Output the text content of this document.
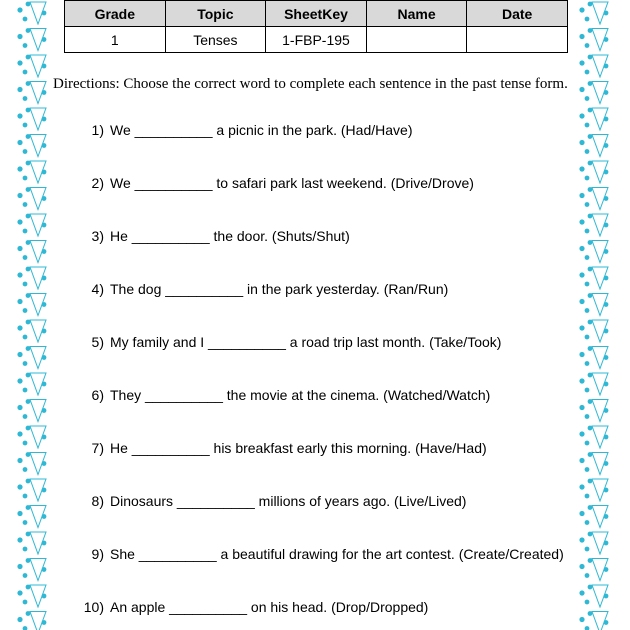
Grade	Topic	SheetKey	Name	Date
1	Tenses	1-FBP-195		
Directions: Choose the correct word to complete each sentence in the past tense form.
1) We __________ a picnic in the park. (Had/Have)
2) We __________ to safari park last weekend. (Drive/Drove)
3) He __________ the door. (Shuts/Shut)
4) The dog __________ in the park yesterday. (Ran/Run)
5) My family and I __________ a road trip last month. (Take/Took)
6) They __________ the movie at the cinema. (Watched/Watch)
7) He __________ his breakfast early this morning. (Have/Had)
8) Dinosaurs __________ millions of years ago. (Live/Lived)
9) She __________ a beautiful drawing for the art contest. (Create/Created)
10) An apple __________ on his head. (Drop/Dropped)
